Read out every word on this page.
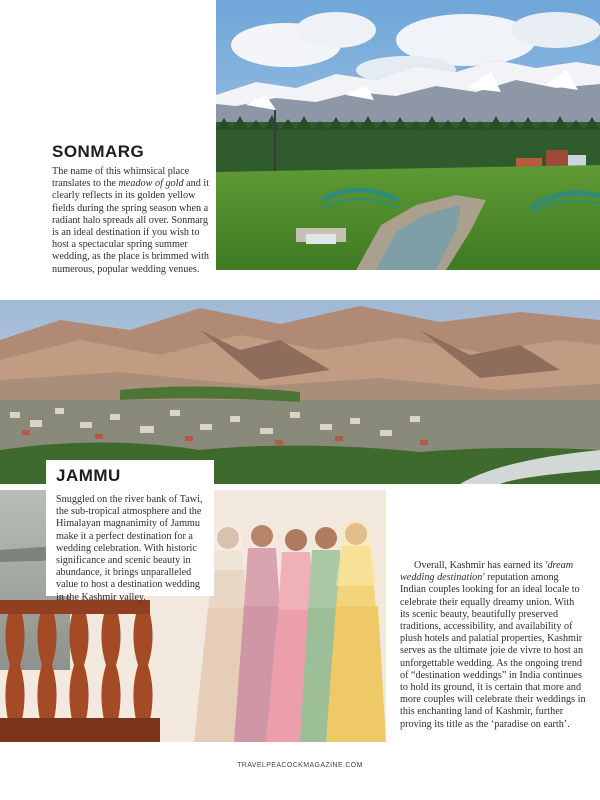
SONMARG

The name of this whimsical place translates to the meadow of gold and it clearly reflects in its golden yellow fields during the spring season when a radiant halo spreads all over. Sonmarg is an ideal destination if you wish to host a spectacular spring summer wedding, as the place is brimmed with numerous, popular wedding venues.

JAMMU

Snuggled on the river bank of Tawi, the sub-tropical atmosphere and the Himalayan magnanimity of Jammu make it a perfect destination for a wedding celebration. With historic significance and scenic beauty in abundance, it brings unparalleled value to host a destination wedding in the Kashmir valley.

Overall, Kashmir has earned its 'dream wedding destination' reputation among Indian couples looking for an ideal locale to celebrate their equally dreamy union. With its scenic beauty, beautifully preserved traditions, accessibility, and availability of plush hotels and palatial properties, Kashmir serves as the ultimate joie de vivre to host an unforgettable wedding. As the ongoing trend of “destination weddings” in India continues to hold its ground, it is certain that more and more couples will celebrate their weddings in this enchanting land of Kashmir, further proving its title as the ‘paradise on earth’.

TRAVELPEACOCKMAGAZINE.COM
